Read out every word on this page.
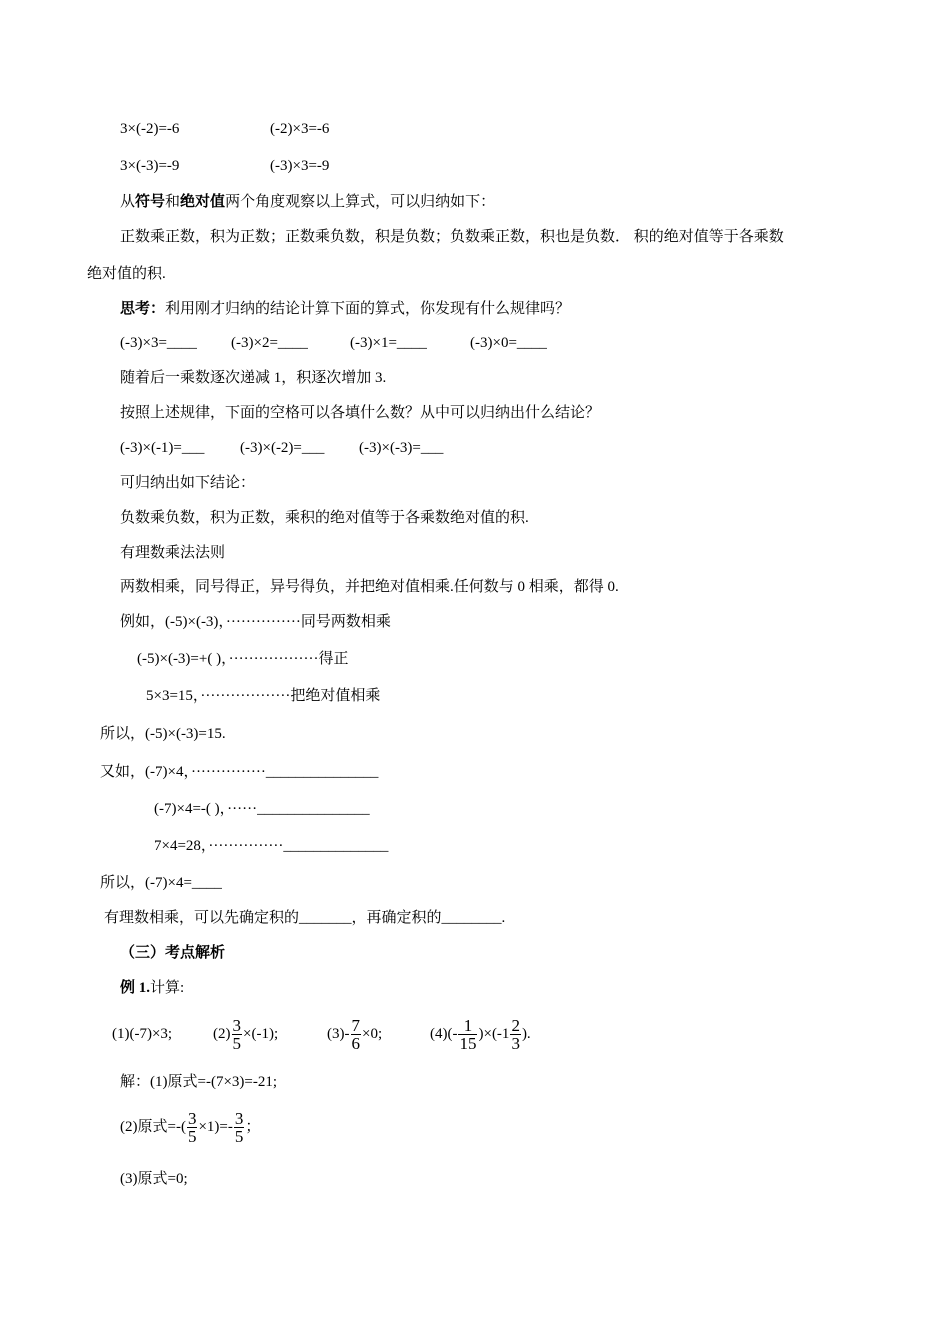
3×(-2)=-6	(-2)×3=-6
3×(-3)=-9	(-3)×3=-9
从符号和绝对值两个角度观察以上算式，可以归纳如下：
正数乘正数，积为正数；正数乘负数，积是负数；负数乘正数，积也是负数． 积的绝对值等于各乘数
绝对值的积.
思考：利用刚才归纳的结论计算下面的算式，你发现有什么规律吗？
(-3)×3=____ (-3)×2=____	(-3)×1=____	(-3)×0=____
随着后一乘数逐次递减 1，积逐次增加 3.
按照上述规律，下面的空格可以各填什么数？从中可以归纳出什么结论？
(-3)×(-1)=___ (-3)×(-2)=___ (-3)×(-3)=___
可归纳出如下结论：
负数乘负数，积为正数，乘积的绝对值等于各乘数绝对值的积.
有理数乘法法则
两数相乘，同号得正，异号得负，并把绝对值相乘.任何数与 0 相乘，都得 0.
例如，(-5)×(-3)，···············同号两数相乘
(-5)×(-3)=+( )，··················得正
5×3=15，··················把绝对值相乘
所以，(-5)×(-3)=15.
又如，(-7)×4，···············_______________
(-7)×4=-( )，······_______________
7×4=28，···············______________
所以，(-7)×4=____
有理数相乘，可以先确定积的_______，再确定积的________.
（三）考点解析
例 1.计算:
(1)(-7)×3;	$(2) \frac{3}{5} \times(-1)$;	$(3)- \frac{7}{6} \times 0$;	$(4)(- \frac{1}{15} )\times(-1 \frac{2}{3}$ ).
解：(1)原式=-(7×3)=-21;
(2)原式=-( $\frac{3}{5} \times 1)=- \frac{3}{5}$ ；
(3)原式=0;
